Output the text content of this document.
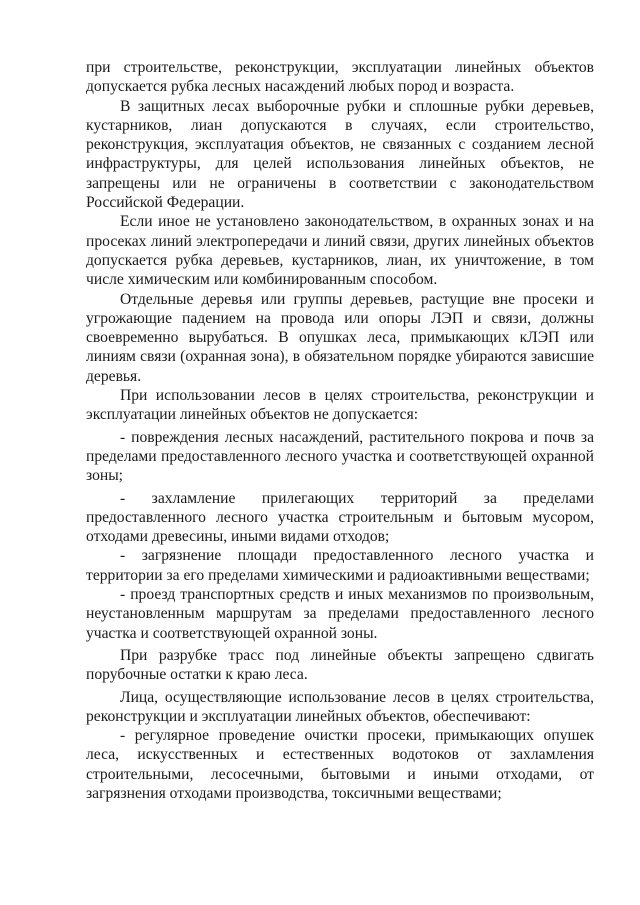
при строительстве, реконструкции, эксплуатации линейных объектов допускается рубка лесных насаждений любых пород и возраста.

В защитных лесах выборочные рубки и сплошные рубки деревьев, кустарников, лиан допускаются в случаях, если строительство, реконструкция, эксплуатация объектов, не связанных с созданием лесной инфраструктуры, для целей использования линейных объектов, не запрещены или не ограничены в соответствии с законодательством Российской Федерации.

Если иное не установлено законодательством, в охранных зонах и на просеках линий электропередачи и линий связи, других линейных объектов допускается рубка деревьев, кустарников, лиан, их уничтожение, в том числе химическим или комбинированным способом.

Отдельные деревья или группы деревьев, растущие вне просеки и угрожающие падением на провода или опоры ЛЭП и связи, должны своевременно вырубаться. В опушках леса, примыкающих кЛЭП или линиям связи (охранная зона), в обязательном порядке убираются зависшие деревья.

При использовании лесов в целях строительства, реконструкции и эксплуатации линейных объектов не допускается:

- повреждения лесных насаждений, растительного покрова и почв за пределами предоставленного лесного участка и соответствующей охранной зоны;

- захламление прилегающих территорий за пределами предоставленного лесного участка строительным и бытовым мусором, отходами древесины, иными видами отходов;

- загрязнение площади предоставленного лесного участка и территории за его пределами химическими и радиоактивными веществами;

- проезд транспортных средств и иных механизмов по произвольным, неустановленным маршрутам за пределами предоставленного лесного участка и соответствующей охранной зоны.

При разрубке трасс под линейные объекты запрещено сдвигать порубочные остатки к краю леса.

Лица, осуществляющие использование лесов в целях строительства, реконструкции и эксплуатации линейных объектов, обеспечивают:

- регулярное проведение очистки просеки, примыкающих опушек леса, искусственных и естественных водотоков от захламления строительными, лесосечными, бытовыми и иными отходами, от загрязнения отходами производства, токсичными веществами;
